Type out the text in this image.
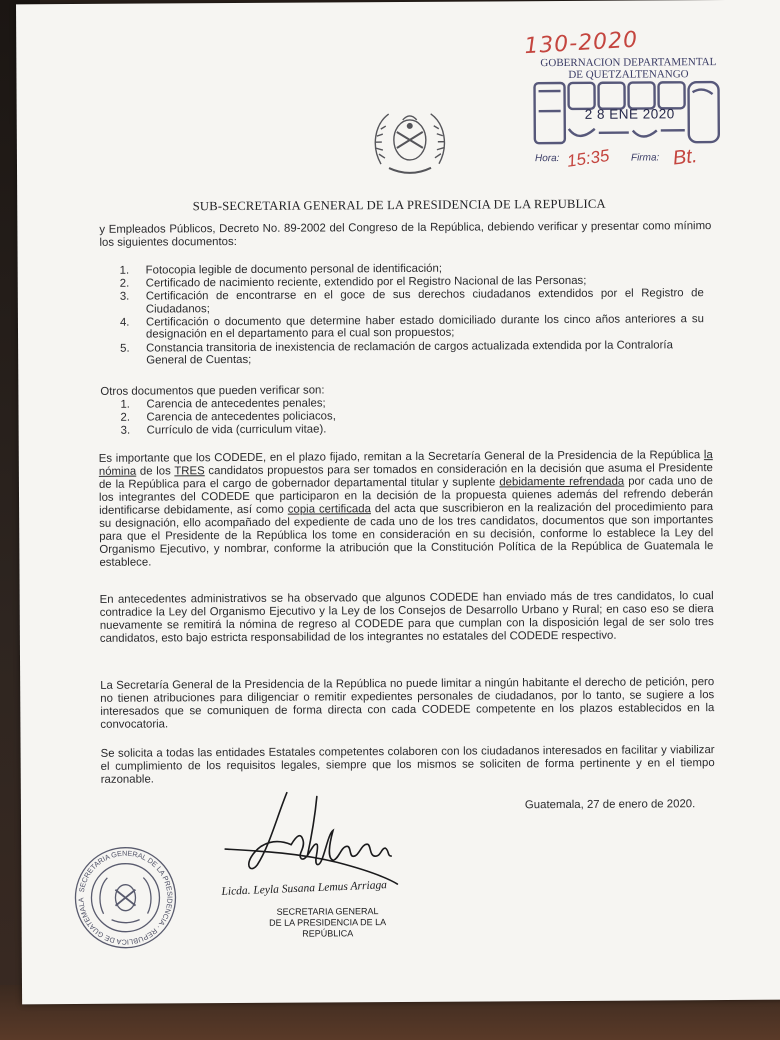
130-2020
GOBERNACION DEPARTAMENTAL
DE QUETZALTENANGO
2 8 ENE 2020
Hora: 15:35 Firma: Bt.
SUB-SECRETARIA GENERAL DE LA PRESIDENCIA DE LA REPUBLICA
y Empleados Públicos, Decreto No. 89-2002 del Congreso de la República, debiendo verificar y presentar como mínimo los siguientes documentos:
1. Fotocopia legible de documento personal de identificación;
2. Certificado de nacimiento reciente, extendido por el Registro Nacional de las Personas;
3. Certificación de encontrarse en el goce de sus derechos ciudadanos extendidos por el Registro de Ciudadanos;
4. Certificación o documento que determine haber estado domiciliado durante los cinco años anteriores a su designación en el departamento para el cual son propuestos;
5. Constancia transitoria de inexistencia de reclamación de cargos actualizada extendida por la Contraloría General de Cuentas;
Otros documentos que pueden verificar son:
1. Carencia de antecedentes penales;
2. Carencia de antecedentes policiacos,
3. Currículo de vida (curriculum vitae).
Es importante que los CODEDE, en el plazo fijado, remitan a la Secretaría General de la Presidencia de la República la nómina de los TRES candidatos propuestos para ser tomados en consideración en la decisión que asuma el Presidente de la República para el cargo de gobernador departamental titular y suplente debidamente refrendada por cada uno de los integrantes del CODEDE que participaron en la decisión de la propuesta quienes además del refrendo deberán identificarse debidamente, así como copia certificada del acta que suscribieron en la realización del procedimiento para su designación, ello acompañado del expediente de cada uno de los tres candidatos, documentos que son importantes para que el Presidente de la República los tome en consideración en su decisión, conforme lo establece la Ley del Organismo Ejecutivo, y nombrar, conforme la atribución que la Constitución Política de la República de Guatemala le establece.
En antecedentes administrativos se ha observado que algunos CODEDE han enviado más de tres candidatos, lo cual contradice la Ley del Organismo Ejecutivo y la Ley de los Consejos de Desarrollo Urbano y Rural; en caso eso se diera nuevamente se remitirá la nómina de regreso al CODEDE para que cumplan con la disposición legal de ser solo tres candidatos, esto bajo estricta responsabilidad de los integrantes no estatales del CODEDE respectivo.
La Secretaría General de la Presidencia de la República no puede limitar a ningún habitante el derecho de petición, pero no tienen atribuciones para diligenciar o remitir expedientes personales de ciudadanos, por lo tanto, se sugiere a los interesados que se comuniquen de forma directa con cada CODEDE competente en los plazos establecidos en la convocatoria.
Se solicita a todas las entidades Estatales competentes colaboren con los ciudadanos interesados en facilitar y viabilizar el cumplimiento de los requisitos legales, siempre que los mismos se soliciten de forma pertinente y en el tiempo razonable.
Guatemala, 27 de enero de 2020.
Licda. Leyla Susana Lemus Arriaga
SECRETARIA GENERAL
DE LA PRESIDENCIA DE LA REPÚBLICA
SECRETARIA GENERAL DE LA PRESIDENCIA · REPUBLICA DE GUATEMALA
